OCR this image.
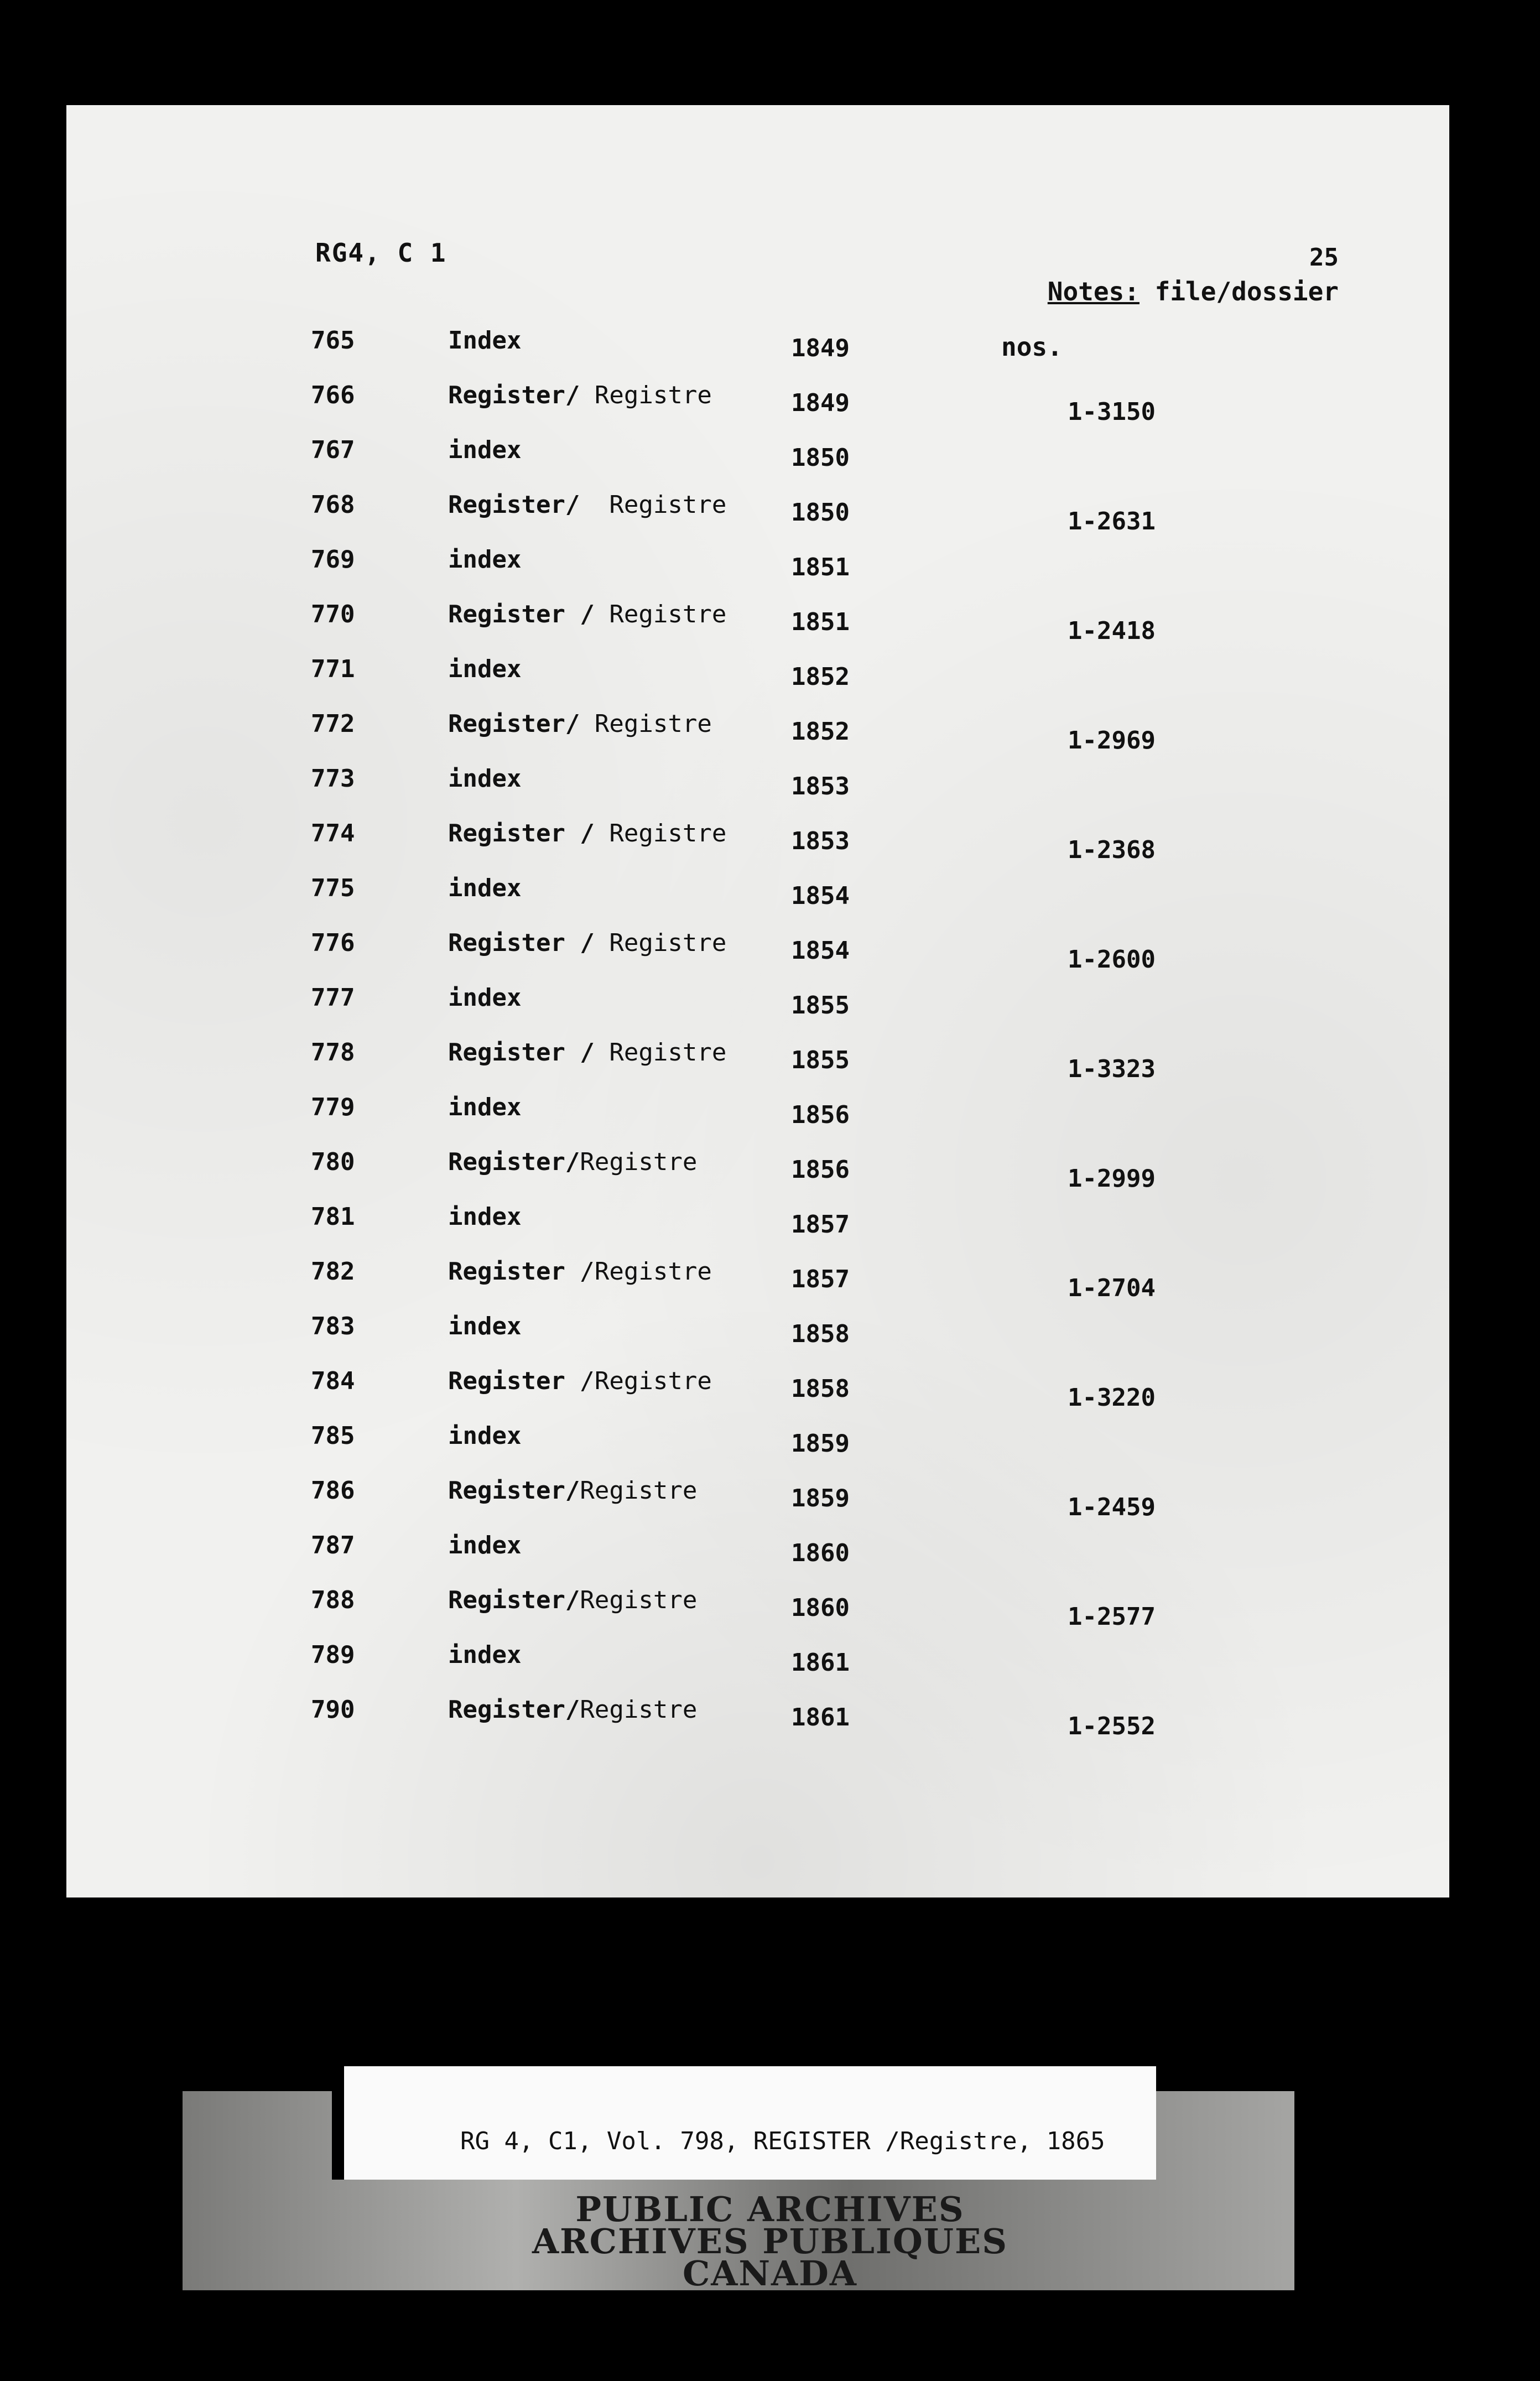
RG4, C 1	25
Notes: file/dossier
nos.
765	Index	1849
766	Register/ Registre	1849	1-3150
767	index	1850
768	Register/  Registre	1850	1-2631
769	index	1851
770	Register / Registre	1851	1-2418
771	index	1852
772	Register/ Registre	1852	1-2969
773	index	1853
774	Register / Registre	1853	1-2368
775	index	1854
776	Register / Registre	1854	1-2600
777	index	1855
778	Register / Registre	1855	1-3323
779	index	1856
780	Register/Registre	1856	1-2999
781	index	1857
782	Register /Registre	1857	1-2704
783	index	1858
784	Register /Registre	1858	1-3220
785	index	1859
786	Register/Registre	1859	1-2459
787	index	1860
788	Register/Registre	1860	1-2577
789	index	1861
790	Register/Registre	1861	1-2552
RG 4, C1, Vol. 798, REGISTER /Registre, 1865
PUBLIC ARCHIVES
ARCHIVES PUBLIQUES
CANADA
